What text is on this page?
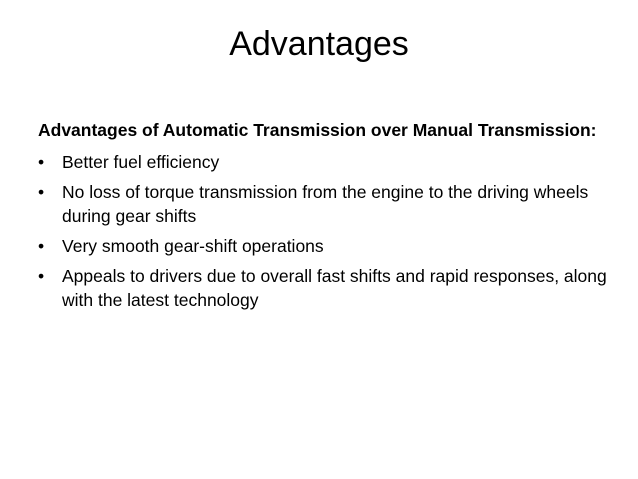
Advantages

Advantages of Automatic Transmission over Manual Transmission:

•	Better fuel efficiency
•	No loss of torque transmission from the engine to the driving wheels during gear shifts
•	Very smooth gear-shift operations
•	Appeals to drivers due to overall fast shifts and rapid responses, along with the latest technology
